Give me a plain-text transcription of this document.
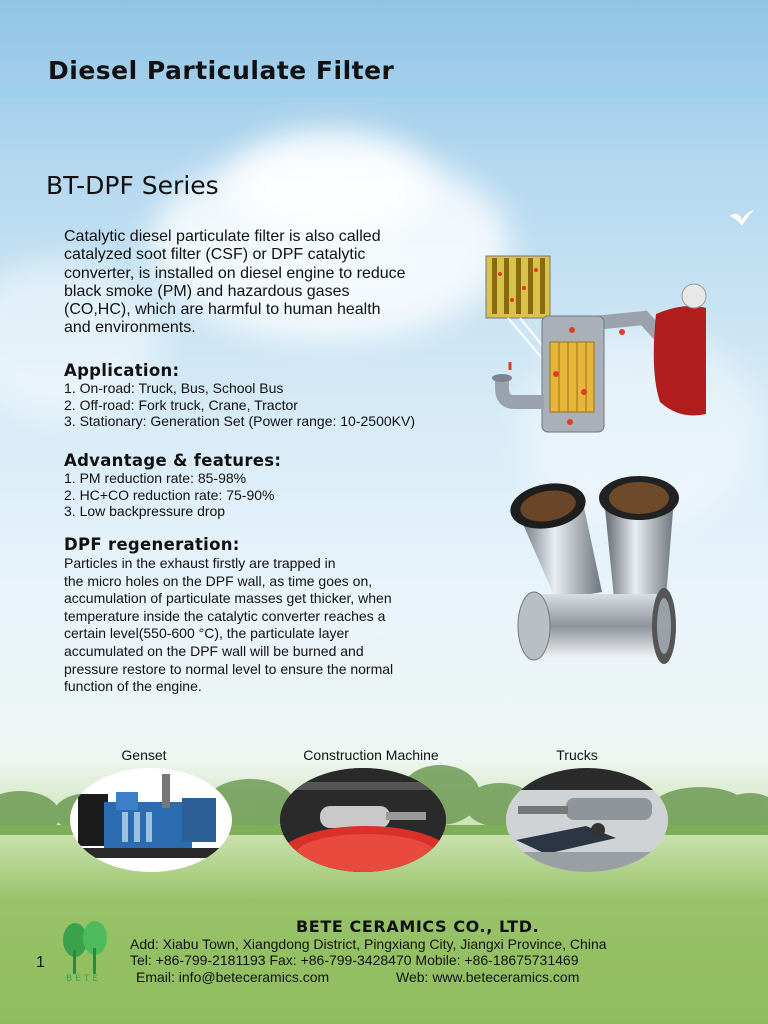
Diesel Particulate Filter
BT-DPF Series
Catalytic diesel particulate filter is also called
catalyzed soot filter (CSF) or DPF catalytic
converter, is installed on diesel engine to reduce
black smoke (PM) and hazardous gases
(CO,HC), which are harmful to human health
and environments.
Application:
1. On-road: Truck, Bus, School Bus
2. Off-road: Fork truck, Crane, Tractor
3. Stationary: Generation Set (Power range: 10-2500KV)
Advantage & features:
1. PM reduction rate: 85-98%
2. HC+CO reduction rate: 75-90%
3. Low backpressure drop
DPF regeneration:
Particles in the exhaust firstly are trapped in
the micro holes on the DPF wall, as time goes on,
accumulation of particulate masses get thicker, when
temperature inside the catalytic converter reaches a
certain level(550-600 °C), the particulate layer
accumulated on the DPF wall will be burned and
pressure restore to normal level to ensure the normal
function of the engine.
Genset	Construction Machine	Trucks
BETE CERAMICS CO., LTD.
Add: Xiabu Town, Xiangdong District, Pingxiang City, Jiangxi Province, China
Tel: +86-799-2181193 Fax: +86-799-3428470 Mobile: +86-18675731469
Email: info@beteceramics.com	Web: www.beteceramics.com
BETE
1
